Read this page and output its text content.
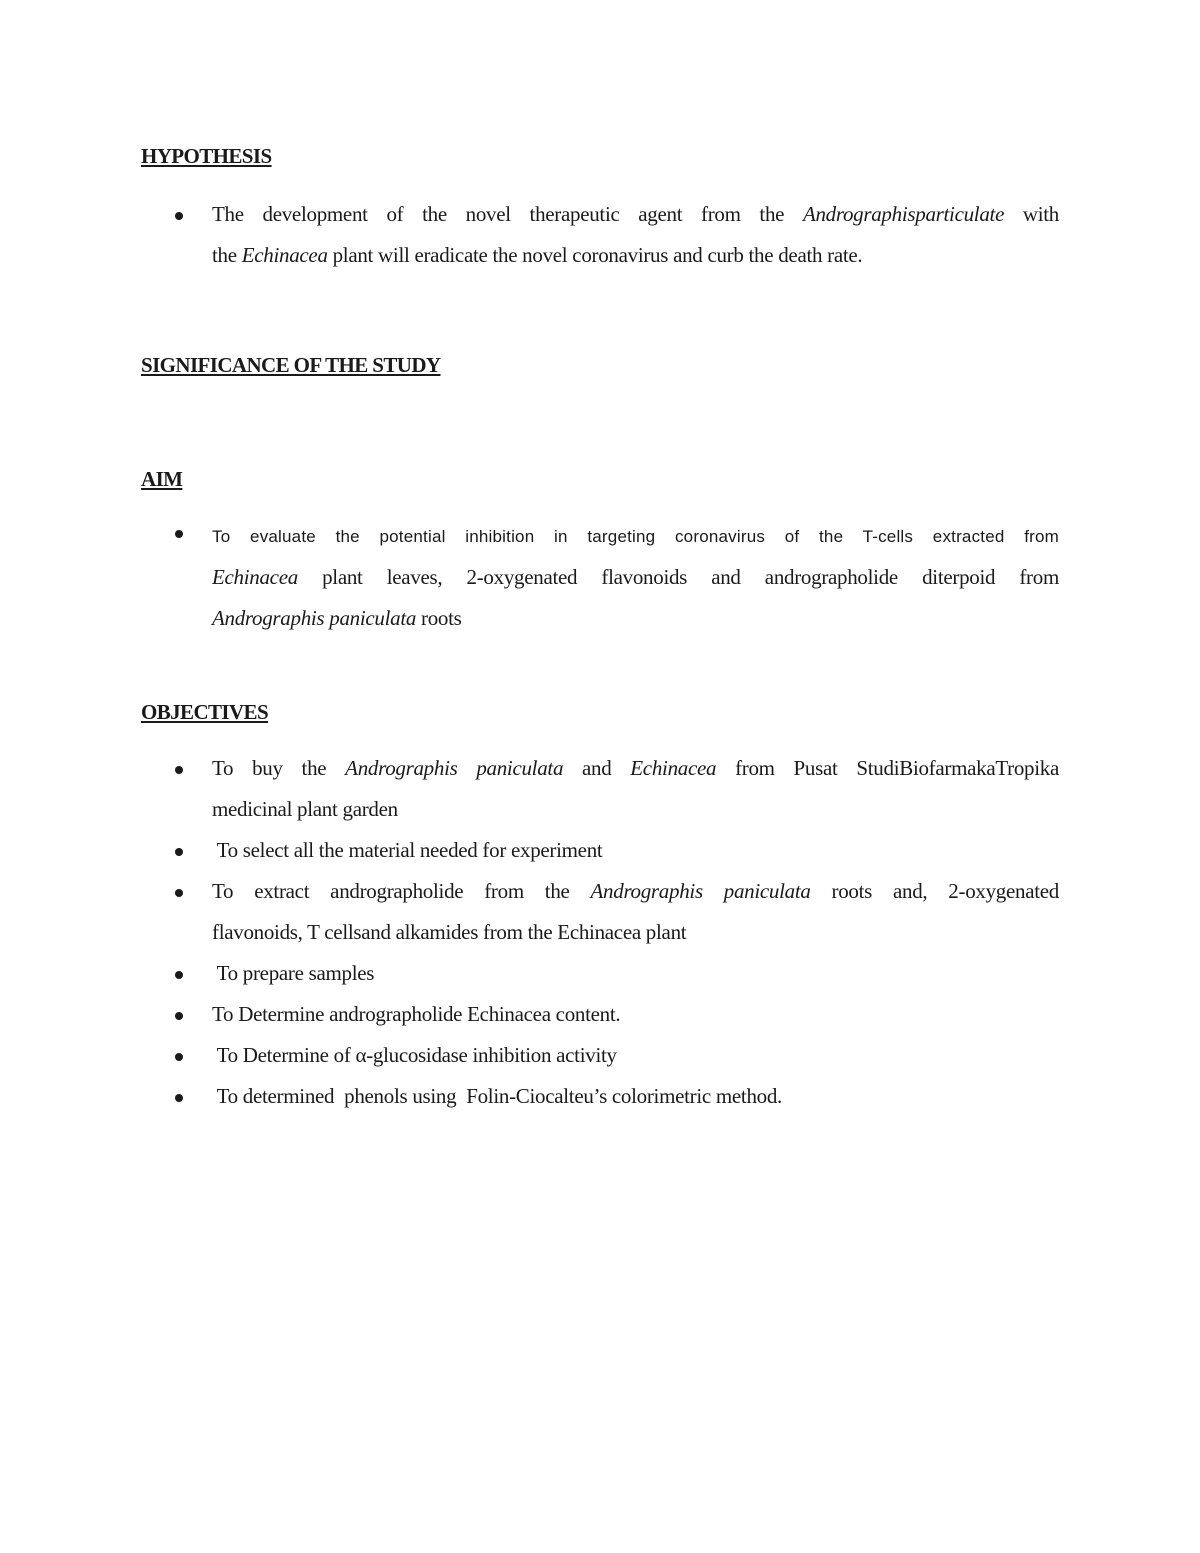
HYPOTHESIS
The development of the novel therapeutic agent from the Andrographisparticulate with
the Echinacea plant will eradicate the novel coronavirus and curb the death rate.
SIGNIFICANCE OF THE STUDY
AIM
To evaluate the potential inhibition in targeting coronavirus of the T-cells extracted from
Echinacea plant leaves, 2-oxygenated flavonoids and andrographolide diterpoid from
Andrographis paniculata roots
OBJECTIVES
To buy the Andrographis paniculata and Echinacea from Pusat StudiBiofarmakaTropika
medicinal plant garden
To select all the material needed for experiment
To extract andrographolide from the Andrographis paniculata roots and, 2-oxygenated
flavonoids, T cellsand alkamides from the Echinacea plant
To prepare samples
To Determine andrographolide Echinacea content.
To Determine of α-glucosidase inhibition activity
To determined  phenols using  Folin-Ciocalteu’s colorimetric method.
